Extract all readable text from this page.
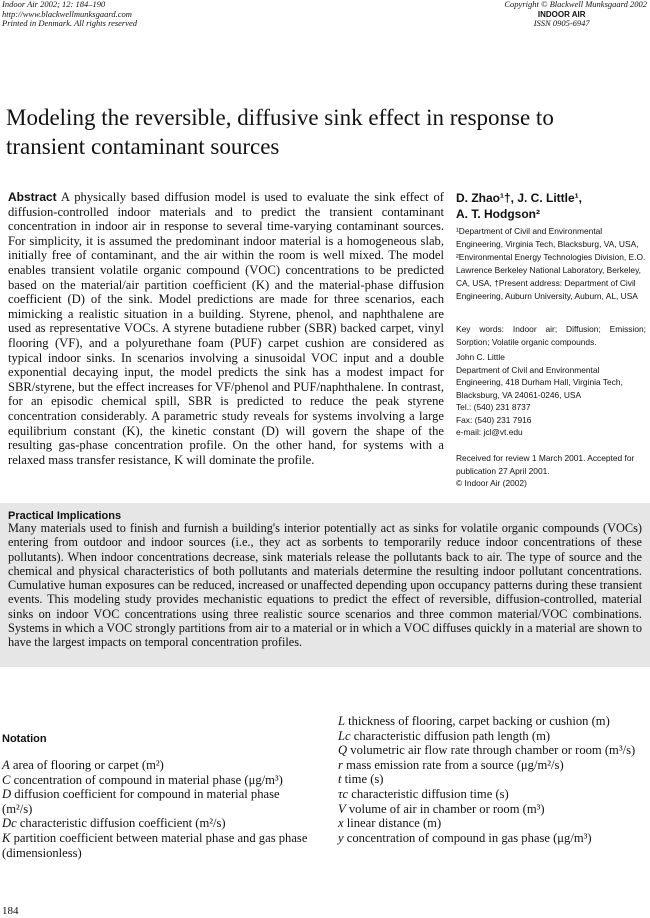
Indoor Air 2002; 12: 184–190
http://www.blackwellmunksgaard.com
Printed in Denmark. All rights reserved
Copyright © Blackwell Munksgaard 2002
INDOOR AIR
ISSN 0905-6947
Modeling the reversible, diffusive sink effect in response to transient contaminant sources
Abstract A physically based diffusion model is used to evaluate the sink effect of diffusion-controlled indoor materials and to predict the transient contaminant concentration in indoor air in response to several time-varying contaminant sources. For simplicity, it is assumed the predominant indoor material is a homogeneous slab, initially free of contaminant, and the air within the room is well mixed. The model enables transient volatile organic compound (VOC) concentrations to be predicted based on the material/air partition coefficient (K) and the material-phase diffusion coefficient (D) of the sink. Model predictions are made for three scenarios, each mimicking a realistic situation in a building. Styrene, phenol, and naphthalene are used as representative VOCs. A styrene butadiene rubber (SBR) backed carpet, vinyl flooring (VF), and a polyurethane foam (PUF) carpet cushion are considered as typical indoor sinks. In scenarios involving a sinusoidal VOC input and a double exponential decaying input, the model predicts the sink has a modest impact for SBR/styrene, but the effect increases for VF/phenol and PUF/naphthalene. In contrast, for an episodic chemical spill, SBR is predicted to reduce the peak styrene concentration considerably. A parametric study reveals for systems involving a large equilibrium constant (K), the kinetic constant (D) will govern the shape of the resulting gas-phase concentration profile. On the other hand, for systems with a relaxed mass transfer resistance, K will dominate the profile.
D. Zhao¹†, J. C. Little¹,
A. T. Hodgson²
¹Department of Civil and Environmental Engineering, Virginia Tech, Blacksburg, VA, USA, ²Environmental Energy Technologies Division, E.O. Lawrence Berkeley National Laboratory, Berkeley, CA, USA, †Present address: Department of Civil Engineering, Auburn University, Auburn, AL, USA
Key words: Indoor air; Diffusion; Emission; Sorption; Volatile organic compounds.
John C. Little
Department of Civil and Environmental Engineering, 418 Durham Hall, Virginia Tech, Blacksburg, VA 24061-0246, USA
Tel.: (540) 231 8737
Fax: (540) 231 7916
e-mail: jcl@vt.edu
Received for review 1 March 2001. Accepted for publication 27 April 2001.
© Indoor Air (2002)
Practical Implications
Many materials used to finish and furnish a building's interior potentially act as sinks for volatile organic compounds (VOCs) entering from outdoor and indoor sources (i.e., they act as sorbents to temporarily reduce indoor concentrations of these pollutants). When indoor concentrations decrease, sink materials release the pollutants back to air. The type of source and the chemical and physical characteristics of both pollutants and materials determine the resulting indoor pollutant concentrations. Cumulative human exposures can be reduced, increased or unaffected depending upon occupancy patterns during these transient events. This modeling study provides mechanistic equations to predict the effect of reversible, diffusion-controlled, material sinks on indoor VOC concentrations using three realistic source scenarios and three common material/VOC combinations. Systems in which a VOC strongly partitions from air to a material or in which a VOC diffuses quickly in a material are shown to have the largest impacts on temporal concentration profiles.
Notation
A area of flooring or carpet (m²)
C concentration of compound in material phase (μg/m³)
D diffusion coefficient for compound in material phase (m²/s)
Dc characteristic diffusion coefficient (m²/s)
K partition coefficient between material phase and gas phase (dimensionless)
L thickness of flooring, carpet backing or cushion (m)
Lc characteristic diffusion path length (m)
Q volumetric air flow rate through chamber or room (m³/s)
r mass emission rate from a source (μg/m²/s)
t time (s)
τc characteristic diffusion time (s)
V volume of air in chamber or room (m³)
x linear distance (m)
y concentration of compound in gas phase (μg/m³)
184
